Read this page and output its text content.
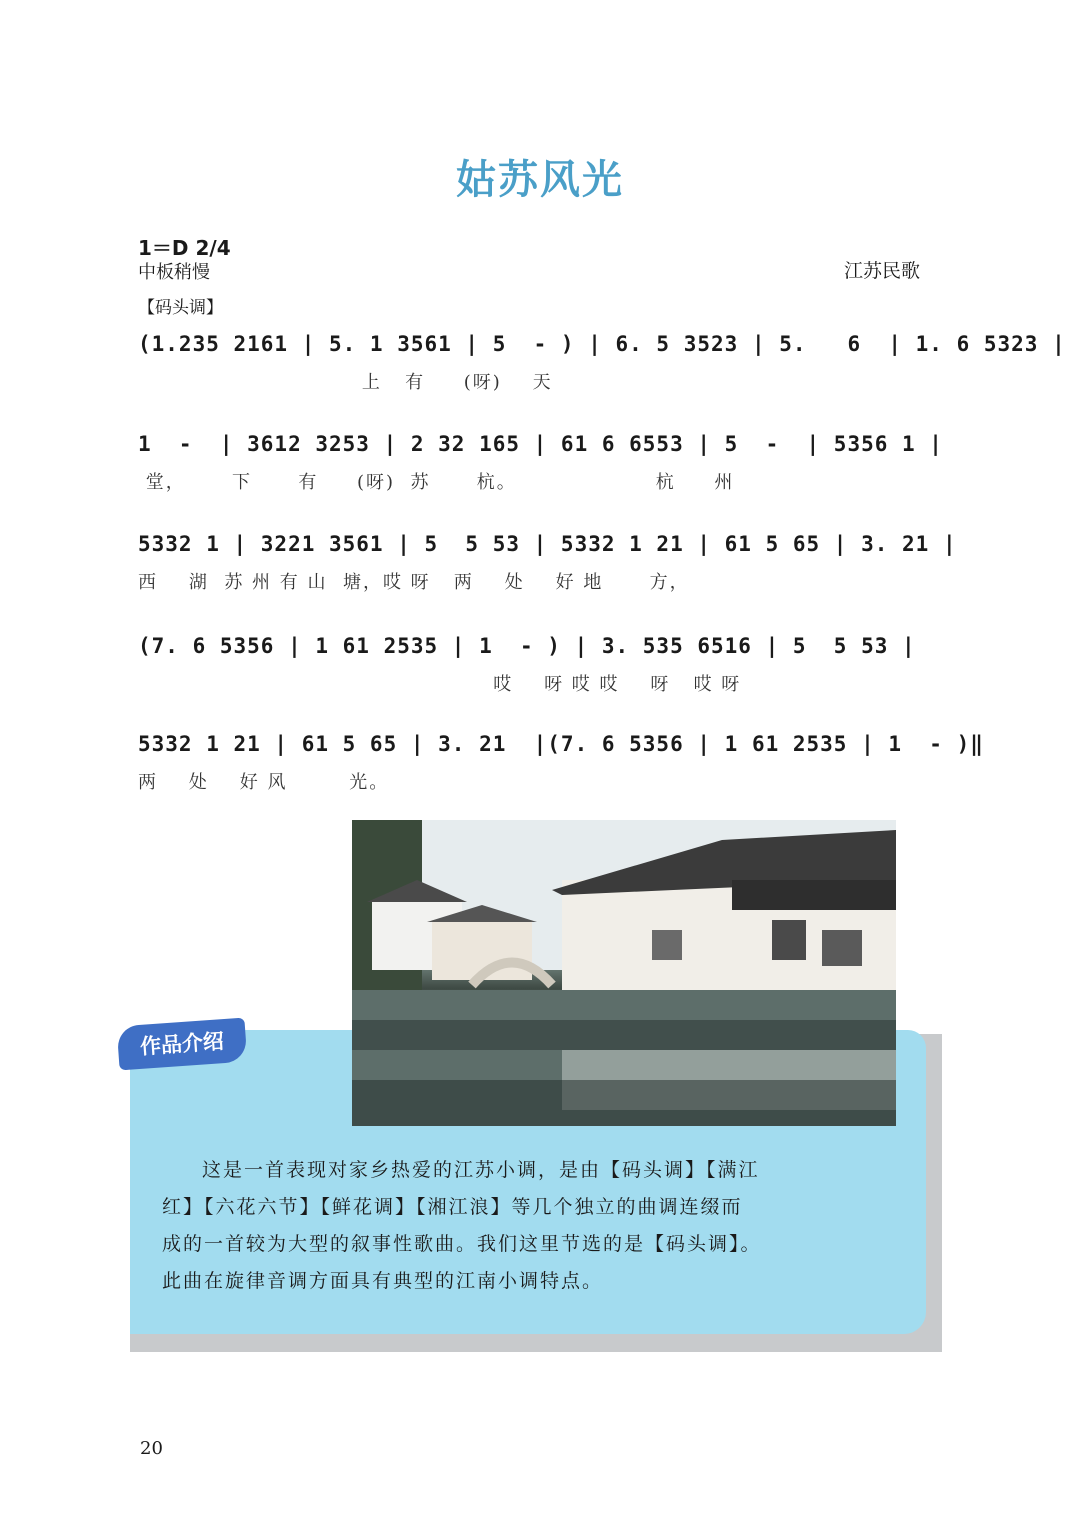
姑苏风光
1＝D 2/4
中板稍慢	江苏民歌
【码头调】
(1.235 2161 | 5. 1 3561 | 5  - ) | 6. 5 3523 | 5.   6  | 1. 6 5323 |
上   有     (呀)    天
1  -  | 3612 3253 | 2 32 165 | 61 6 6553 | 5  -  | 5356 1 |
堂，      下      有     (呀)  苏      杭。                  杭     州
5332 1 | 3221 3561 | 5  5 53 | 5332 1 21 | 61 5 65 | 3. 21 |
西    湖  苏 州 有 山  塘，哎 呀   两    处    好 地      方，
(7. 6 5356 | 1 61 2535 | 1  - ) | 3. 535 6516 | 5  5 53 |
哎    呀 哎 哎    呀   哎 呀
5332 1 21 | 61 5 65 | 3. 21  |(7. 6 5356 | 1 61 2535 | 1  - )‖
两    处    好 风        光。
作品介绍

这是一首表现对家乡热爱的江苏小调，是由【码头调】【满江红】【六花六节】【鲜花调】【湘江浪】等几个独立的曲调连缀而成的一首较为大型的叙事性歌曲。我们这里节选的是【码头调】。此曲在旋律音调方面具有典型的江南小调特点。

20
